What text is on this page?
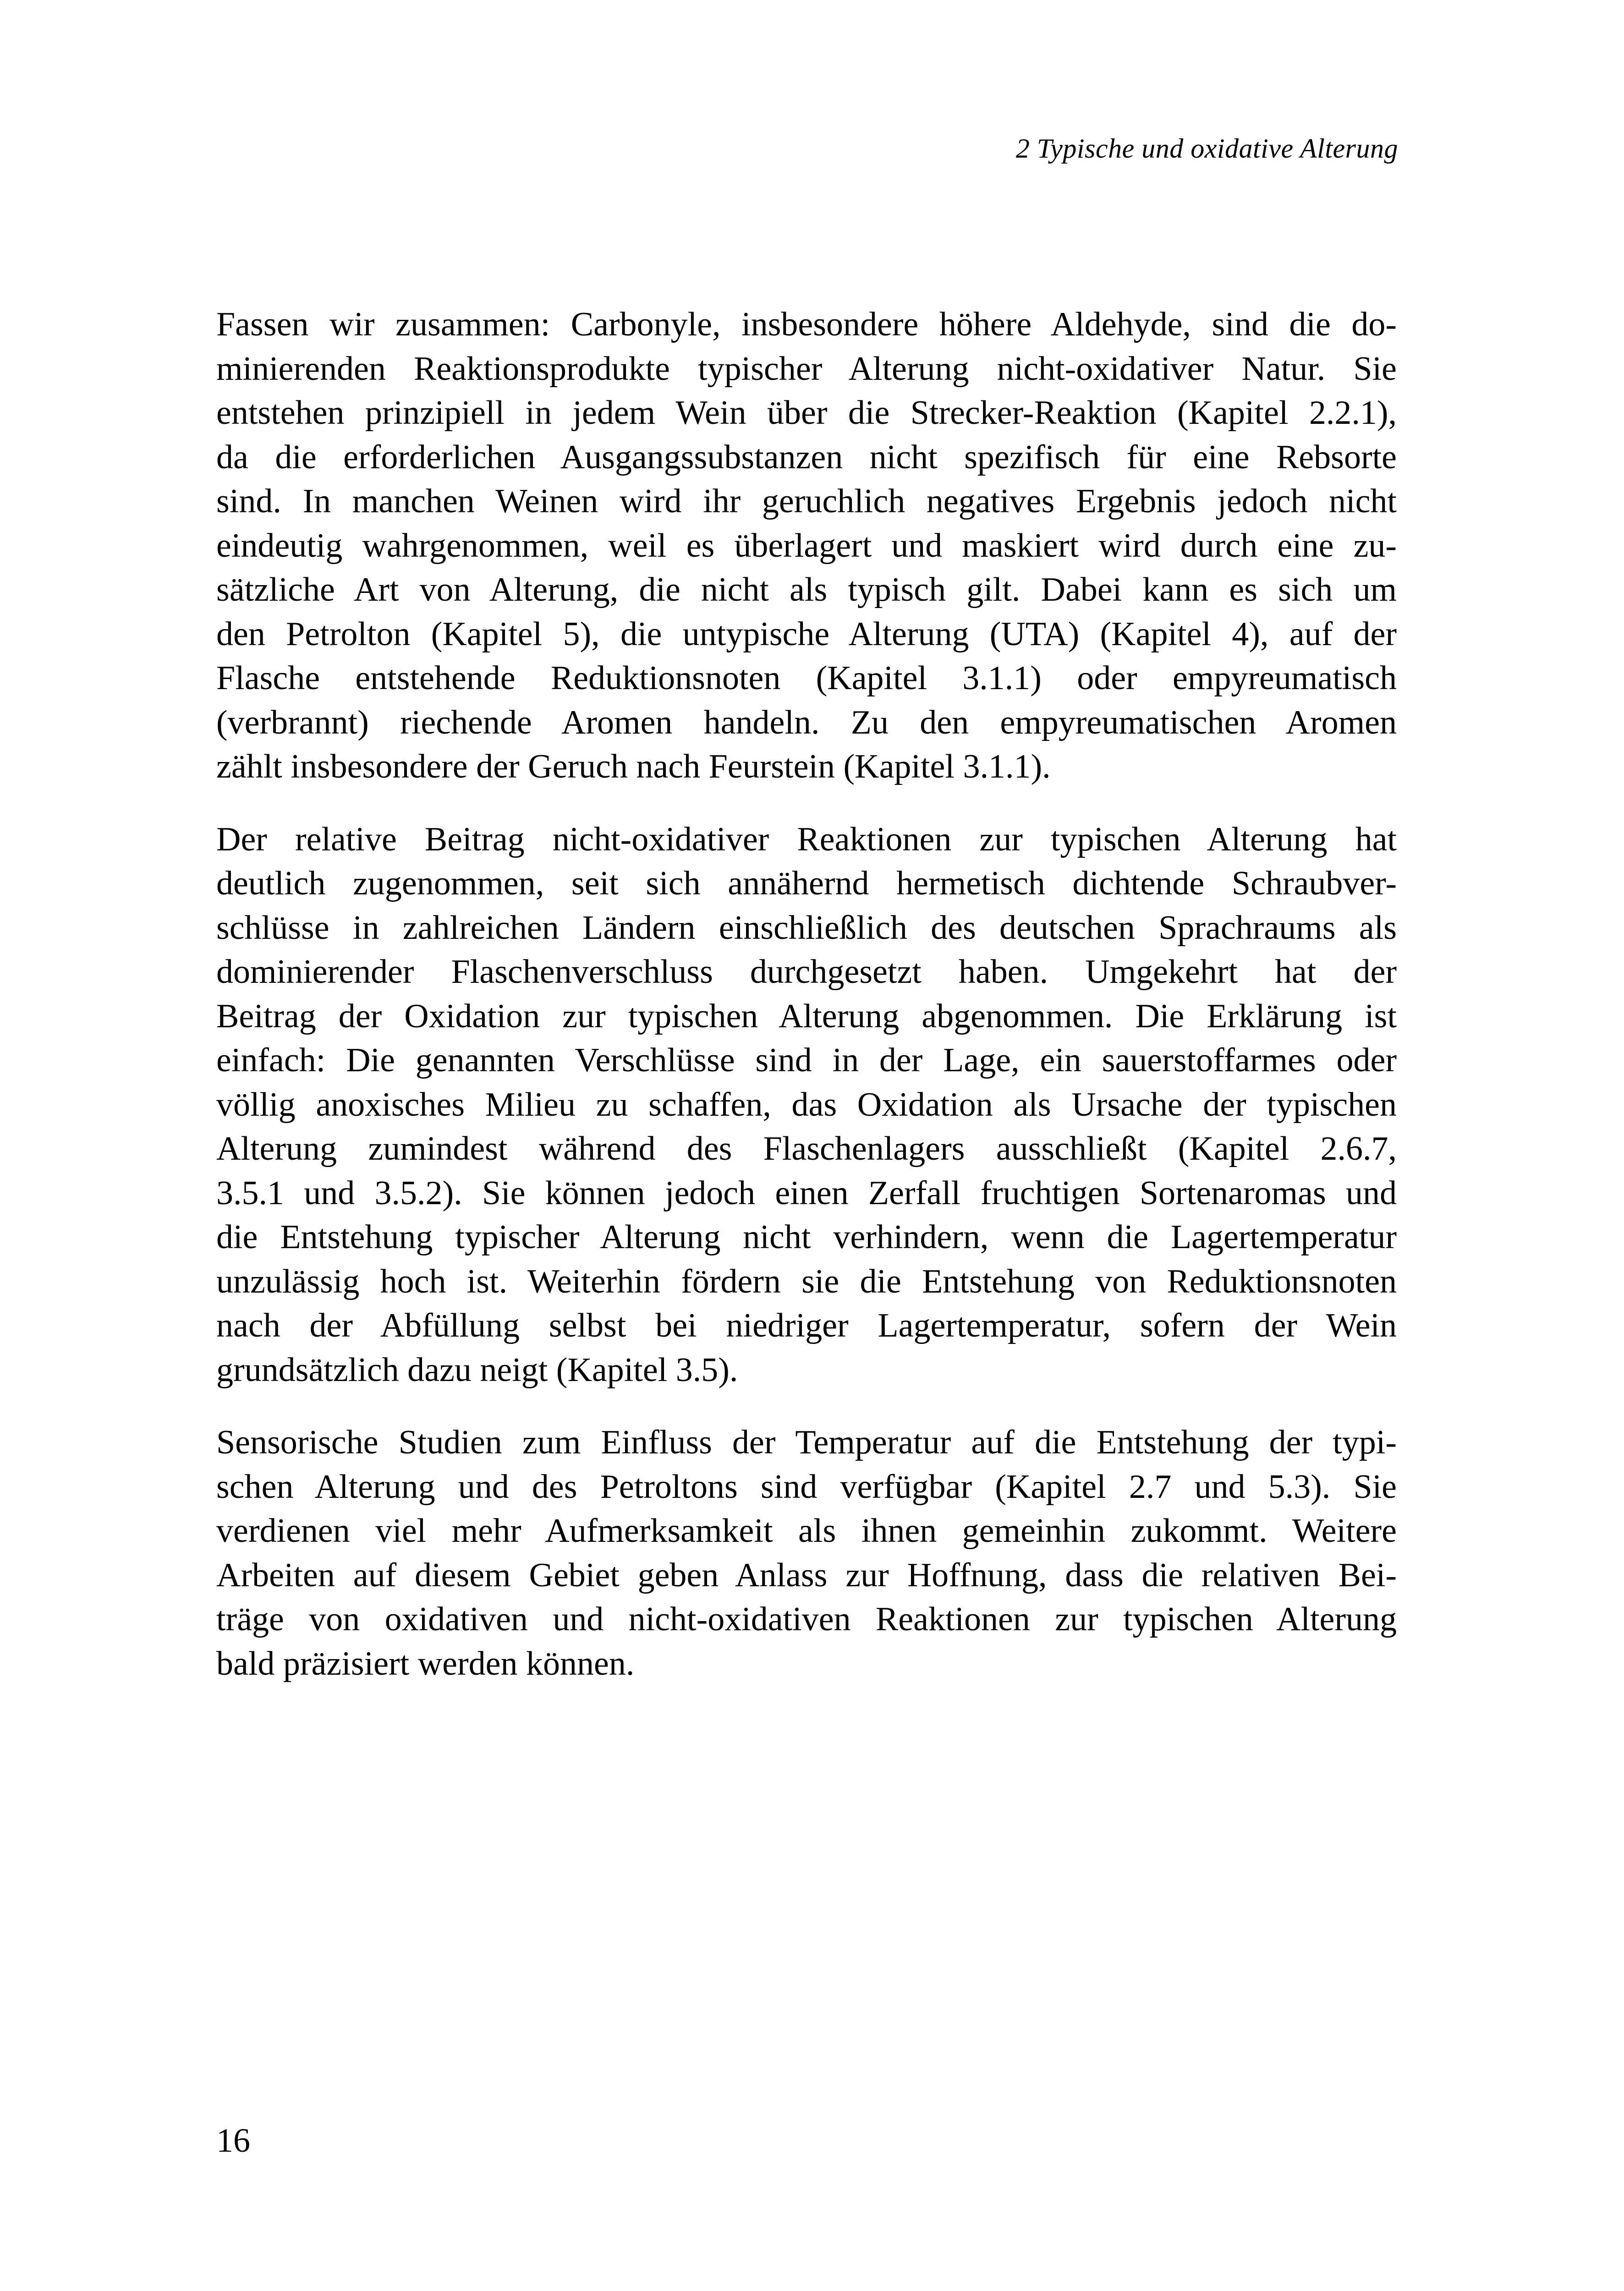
2 Typische und oxidative Alterung
Fassen wir zusammen: Carbonyle, insbesondere höhere Aldehyde, sind die do-
minierenden Reaktionsprodukte typischer Alterung nicht-oxidativer Natur. Sie
entstehen prinzipiell in jedem Wein über die Strecker-Reaktion (Kapitel 2.2.1),
da die erforderlichen Ausgangssubstanzen nicht spezifisch für eine Rebsorte
sind. In manchen Weinen wird ihr geruchlich negatives Ergebnis jedoch nicht
eindeutig wahrgenommen, weil es überlagert und maskiert wird durch eine zu-
sätzliche Art von Alterung, die nicht als typisch gilt. Dabei kann es sich um
den Petrolton (Kapitel 5), die untypische Alterung (UTA) (Kapitel 4), auf der
Flasche entstehende Reduktionsnoten (Kapitel 3.1.1) oder empyreumatisch
(verbrannt) riechende Aromen handeln. Zu den empyreumatischen Aromen
zählt insbesondere der Geruch nach Feurstein (Kapitel 3.1.1).
Der relative Beitrag nicht-oxidativer Reaktionen zur typischen Alterung hat
deutlich zugenommen, seit sich annähernd hermetisch dichtende Schraubver-
schlüsse in zahlreichen Ländern einschließlich des deutschen Sprachraums als
dominierender Flaschenverschluss durchgesetzt haben. Umgekehrt hat der
Beitrag der Oxidation zur typischen Alterung abgenommen. Die Erklärung ist
einfach: Die genannten Verschlüsse sind in der Lage, ein sauerstoffarmes oder
völlig anoxisches Milieu zu schaffen, das Oxidation als Ursache der typischen
Alterung zumindest während des Flaschenlagers ausschließt (Kapitel 2.6.7,
3.5.1 und 3.5.2). Sie können jedoch einen Zerfall fruchtigen Sortenaromas und
die Entstehung typischer Alterung nicht verhindern, wenn die Lagertemperatur
unzulässig hoch ist. Weiterhin fördern sie die Entstehung von Reduktionsnoten
nach der Abfüllung selbst bei niedriger Lagertemperatur, sofern der Wein
grundsätzlich dazu neigt (Kapitel 3.5).
Sensorische Studien zum Einfluss der Temperatur auf die Entstehung der typi-
schen Alterung und des Petroltons sind verfügbar (Kapitel 2.7 und 5.3). Sie
verdienen viel mehr Aufmerksamkeit als ihnen gemeinhin zukommt. Weitere
Arbeiten auf diesem Gebiet geben Anlass zur Hoffnung, dass die relativen Bei-
träge von oxidativen und nicht-oxidativen Reaktionen zur typischen Alterung
bald präzisiert werden können.
16
